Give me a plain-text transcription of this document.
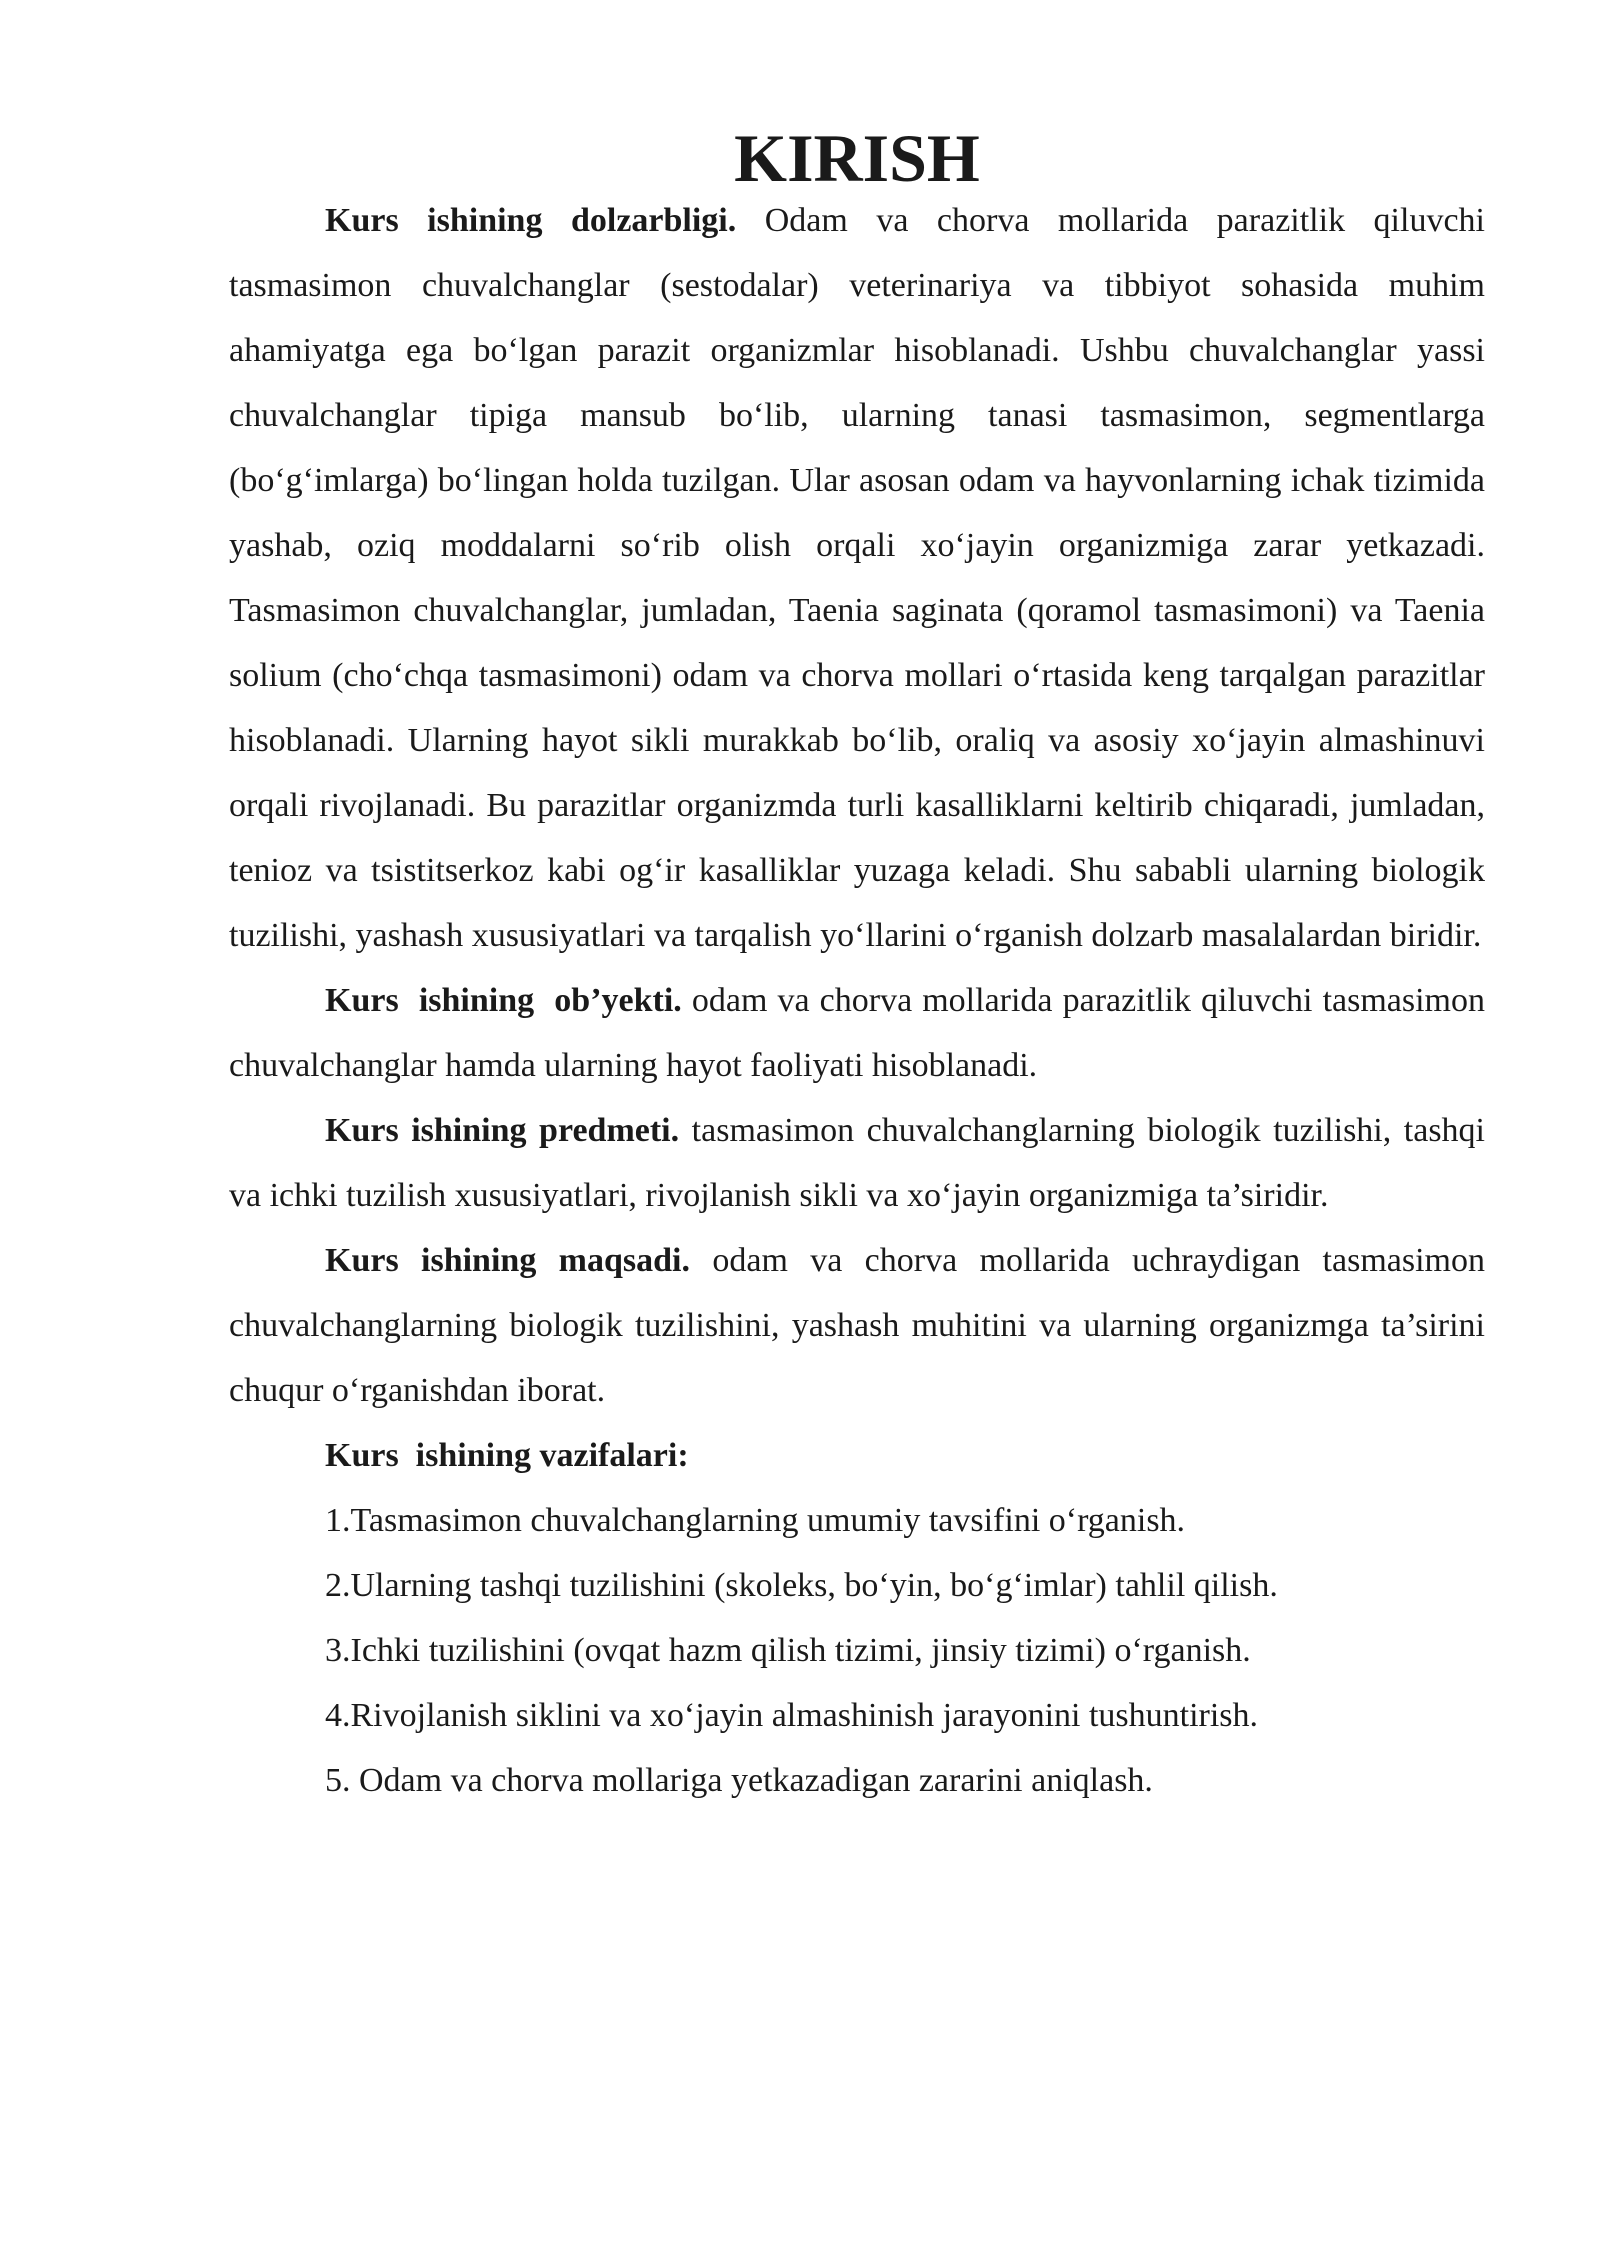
KIRISH

Kurs ishining dolzarbligi. Odam va chorva mollarida parazitlik qiluvchi tasmasimon chuvalchanglar (sestodalar) veterinariya va tibbiyot sohasida muhim ahamiyatga ega bo‘lgan parazit organizmlar hisoblanadi. Ushbu chuvalchanglar yassi chuvalchanglar tipiga mansub bo‘lib, ularning tanasi tasmasimon, segmentlarga (bo‘g‘imlarga) bo‘lingan holda tuzilgan. Ular asosan odam va hayvonlarning ichak tizimida yashab, oziq moddalarni so‘rib olish orqali xo‘jayin organizmiga zarar yetkazadi. Tasmasimon chuvalchanglar, jumladan, Taenia saginata (qoramol tasmasimoni) va Taenia solium (cho‘chqa tasmasimoni) odam va chorva mollari o‘rtasida keng tarqalgan parazitlar hisoblanadi. Ularning hayot sikli murakkab bo‘lib, oraliq va asosiy xo‘jayin almashinuvi orqali rivojlanadi. Bu parazitlar organizmda turli kasalliklarni keltirib chiqaradi, jumladan, tenioz va tsistitserkoz kabi og‘ir kasalliklar yuzaga keladi. Shu sababli ularning biologik tuzilishi, yashash xususiyatlari va tarqalish yo‘llarini o‘rganish dolzarb masalalardan biridir.

Kurs  ishining  ob’yekti. odam va chorva mollarida parazitlik qiluvchi tasmasimon chuvalchanglar hamda ularning hayot faoliyati hisoblanadi.

Kurs ishining predmeti. tasmasimon chuvalchanglarning biologik tuzilishi, tashqi va ichki tuzilish xususiyatlari, rivojlanish sikli va xo‘jayin organizmiga ta’siridir.

Kurs ishining maqsadi. odam va chorva mollarida uchraydigan tasmasimon chuvalchanglarning biologik tuzilishini, yashash muhitini va ularning organizmga ta’sirini chuqur o‘rganishdan iborat.

Kurs  ishining vazifalari:

1.Tasmasimon chuvalchanglarning umumiy tavsifini o‘rganish.
2.Ularning tashqi tuzilishini (skoleks, bo‘yin, bo‘g‘imlar) tahlil qilish.
3.Ichki tuzilishini (ovqat hazm qilish tizimi, jinsiy tizimi) o‘rganish.
4.Rivojlanish siklini va xo‘jayin almashinish jarayonini tushuntirish.
5. Odam va chorva mollariga yetkazadigan zararini aniqlash.
